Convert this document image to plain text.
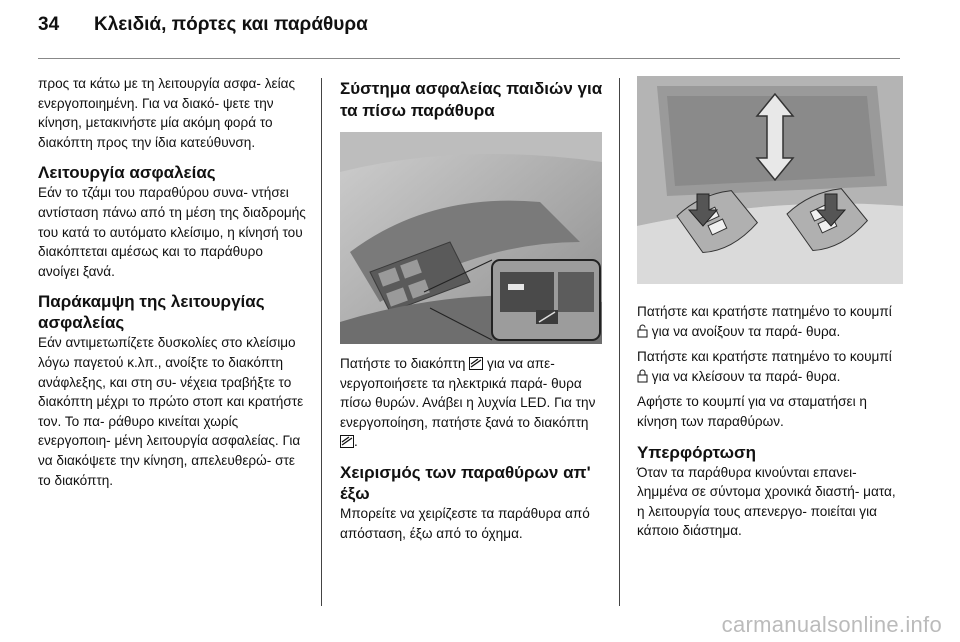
34 Κλειδιά, πόρτες και παράθυρα

προς τα κάτω με τη λειτουργία ασφα- λείας ενεργοποιημένη. Για να διακό- ψετε την κίνηση, μετακινήστε μία ακόμη φορά το διακόπτη προς την ίδια κατεύθυνση.

Λειτουργία ασφαλείας

Εάν το τζάμι του παραθύρου συνα- ντήσει αντίσταση πάνω από τη μέση της διαδρομής του κατά το αυτόματο κλείσιμο, η κίνησή του διακόπτεται αμέσως και το παράθυρο ανοίγει ξανά.

Παράκαμψη της λειτουργίας ασφαλείας

Εάν αντιμετωπίζετε δυσκολίες στο κλείσιμο λόγω παγετού κ.λπ., ανοίξτε το διακόπτη ανάφλεξης, και στη συ- νέχεια τραβήξτε το διακόπτη μέχρι το πρώτο στοπ και κρατήστε τον. Το πα- ράθυρο κινείται χωρίς ενεργοποιη- μένη λειτουργία ασφαλείας. Για να διακόψετε την κίνηση, απελευθερώ- στε το διακόπτη.

Σύστημα ασφαλείας παιδιών για τα πίσω παράθυρα

Πατήστε το διακόπτη για να απε- νεργοποιήσετε τα ηλεκτρικά παρά- θυρα πίσω θυρών. Ανάβει η λυχνία LED. Για την ενεργοποίηση, πατήστε ξανά το διακόπτη .

Χειρισμός των παραθύρων απ' έξω

Μπορείτε να χειρίζεστε τα παράθυρα από απόσταση, έξω από το όχημα.

Πατήστε και κρατήστε πατημένο το κουμπί  για να ανοίξουν τα παρά- θυρα.

Πατήστε και κρατήστε πατημένο το κουμπί  για να κλείσουν τα παρά- θυρα.

Αφήστε το κουμπί για να σταματήσει η κίνηση των παραθύρων.

Υπερφόρτωση

Όταν τα παράθυρα κινούνται επανει- λημμένα σε σύντομα χρονικά διαστή- ματα, η λειτουργία τους απενεργο- ποιείται για κάποιο διάστημα.

carmanualsonline.info
